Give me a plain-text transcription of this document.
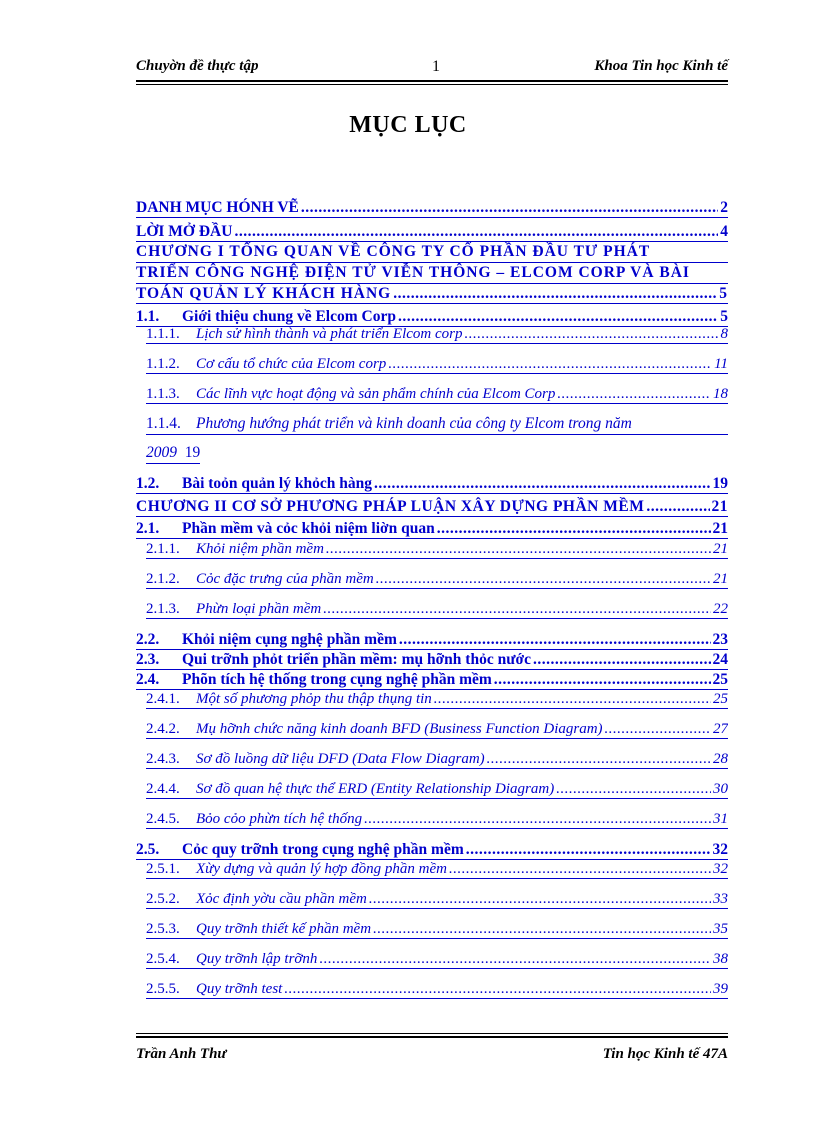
Chuyờn đề thực tập	1	Khoa Tin học Kinh tế
MỤC LỤC
DANH MỤC HÓNH VẼ .....	2
LỜI MỞ ĐẦU .....	4
CHƯƠNG I TỔNG QUAN VỀ CÔNG TY CỔ PHẦN ĐẦU TƯ PHÁT
TRIỂN CÔNG NGHỆ ĐIỆN TỬ VIỄN THÔNG – ELCOM CORP VÀ BÀI
TOÁN QUẢN LÝ KHÁCH HÀNG .....	5
1.1.	Giới thiệu chung về Elcom Corp .....	5
1.1.1.	Lịch sử hình thành và phát triển Elcom corp .....	8
1.1.2.	Cơ cấu tổ chức của Elcom corp .....	11
1.1.3.	Các lĩnh vực hoạt động và sản phẩm chính của Elcom Corp .....	18
1.1.4. Phương hướng phát triển và kinh doanh của công ty Elcom trong năm
2009 19
1.2.	Bài toỏn quản lý khỏch hàng .....	19
CHƯƠNG II CƠ SỞ PHƯƠNG PHÁP LUẬN XÂY DỰNG PHẦN MỀM .....	21
2.1.	Phần mềm và cỏc khỏi niệm liờn quan .....	21
2.1.1.	Khỏi niệm phần mềm .....	21
2.1.2.	Cỏc đặc trưng của phần mềm .....	21
2.1.3.	Phừn loại phần mềm .....	22
2.2.	Khỏi niệm cụng nghệ phần mềm .....	23
2.3.	Qui trỡnh phỏt triển phần mềm: mụ hỡnh thỏc nước .....	24
2.4.	Phõn tích hệ thống trong cụng nghệ phần mềm .....	25
2.4.1.	Một số phương phỏp thu thập thụng tin .....	25
2.4.2.	Mụ hỡnh chức năng kinh doanh BFD (Business Function Diagram) .....	27
2.4.3.	Sơ đồ luồng dữ liệu DFD (Data Flow Diagram) .....	28
2.4.4.	Sơ đồ quan hệ thực thể ERD (Entity Relationship Diagram) .....	30
2.4.5.	Bỏo cỏo phừn tích hệ thống .....	31
2.5.	Cỏc quy trỡnh trong cụng nghệ phần mềm .....	32
2.5.1.	Xừy dựng và quản lý hợp đồng phần mềm .....	32
2.5.2.	Xỏc định yờu cầu phần mềm .....	33
2.5.3.	Quy trỡnh thiết kế phần mềm .....	35
2.5.4.	Quy trỡnh lập trỡnh .....	38
2.5.5.	Quy trỡnh test .....	39
Trần Anh Thư	Tin học Kinh tế 47A
